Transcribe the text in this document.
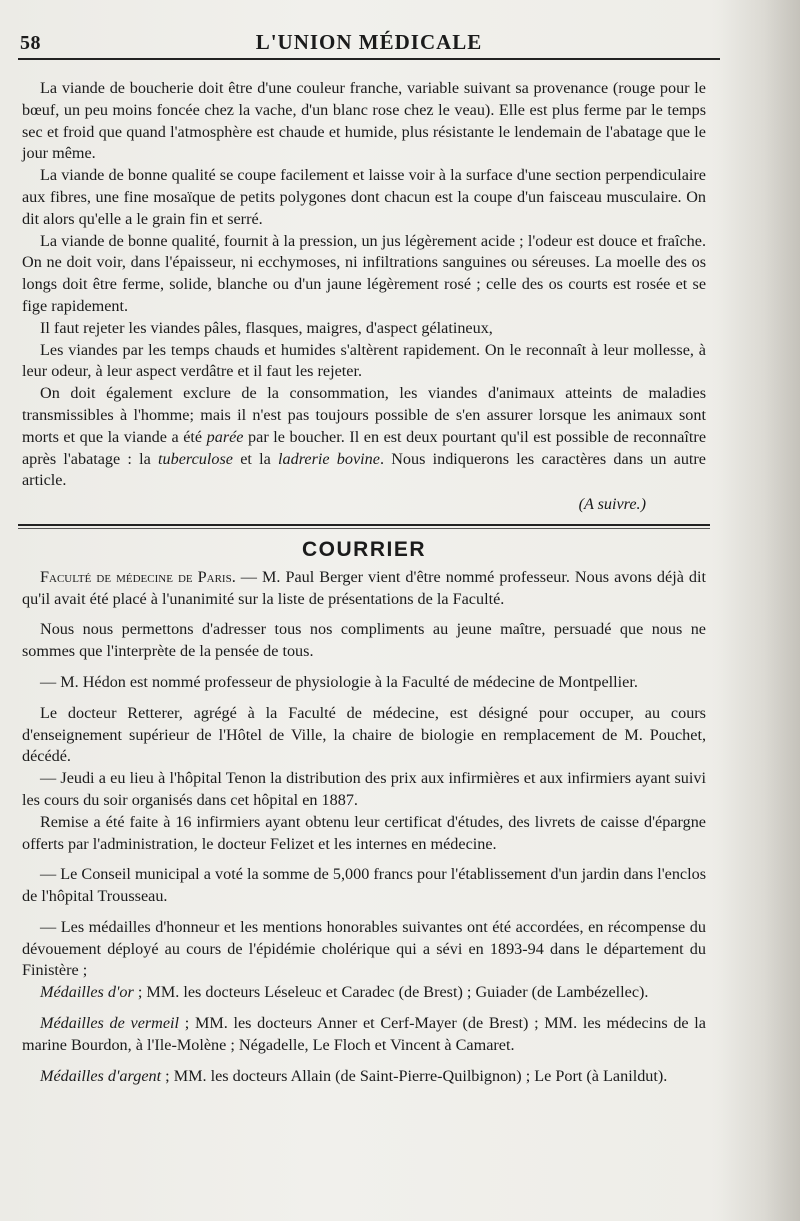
58	L'UNION MÉDICALE

La viande de boucherie doit être d'une couleur franche, variable suivant sa provenance (rouge pour le bœuf, un peu moins foncée chez la vache, d'un blanc rose chez le veau). Elle est plus ferme par le temps sec et froid que quand l'atmosphère est chaude et humide, plus résistante le lendemain de l'abatage que le jour même.

La viande de bonne qualité se coupe facilement et laisse voir à la surface d'une section perpendiculaire aux fibres, une fine mosaïque de petits polygones dont chacun est la coupe d'un faisceau musculaire. On dit alors qu'elle a le grain fin et serré.

La viande de bonne qualité, fournit à la pression, un jus légèrement acide ; l'odeur est douce et fraîche. On ne doit voir, dans l'épaisseur, ni ecchymoses, ni infiltrations sanguines ou séreuses. La moelle des os longs doit être ferme, solide, blanche ou d'un jaune légèrement rosé ; celle des os courts est rosée et se fige rapidement.

Il faut rejeter les viandes pâles, flasques, maigres, d'aspect gélatineux,

Les viandes par les temps chauds et humides s'altèrent rapidement. On le reconnaît à leur mollesse, à leur odeur, à leur aspect verdâtre et il faut les rejeter.

On doit également exclure de la consommation, les viandes d'animaux atteints de maladies transmissibles à l'homme; mais il n'est pas toujours possible de s'en assurer lorsque les animaux sont morts et que la viande a été parée par le boucher. Il en est deux pourtant qu'il est possible de reconnaître après l'abatage : la tuberculose et la ladrerie bovine. Nous indiquerons les caractères dans un autre article.

(A suivre.)
COURRIER

Faculté de médecine de Paris. — M. Paul Berger vient d'être nommé professeur. Nous avons déjà dit qu'il avait été placé à l'unanimité sur la liste de présentations de la Faculté.

Nous nous permettons d'adresser tous nos compliments au jeune maître, persuadé que nous ne sommes que l'interprète de la pensée de tous.

— M. Hédon est nommé professeur de physiologie à la Faculté de médecine de Montpellier.

Le docteur Retterer, agrégé à la Faculté de médecine, est désigné pour occuper, au cours d'enseignement supérieur de l'Hôtel de Ville, la chaire de biologie en remplacement de M. Pouchet, décédé.

— Jeudi a eu lieu à l'hôpital Tenon la distribution des prix aux infirmières et aux infirmiers ayant suivi les cours du soir organisés dans cet hôpital en 1887.

Remise a été faite à 16 infirmiers ayant obtenu leur certificat d'études, des livrets de caisse d'épargne offerts par l'administration, le docteur Felizet et les internes en médecine.

— Le Conseil municipal a voté la somme de 5,000 francs pour l'établissement d'un jardin dans l'enclos de l'hôpital Trousseau.

— Les médailles d'honneur et les mentions honorables suivantes ont été accordées, en récompense du dévouement déployé au cours de l'épidémie cholérique qui a sévi en 1893-94 dans le département du Finistère ;

Médailles d'or ; MM. les docteurs Léseleuc et Caradec (de Brest) ; Guiader (de Lambézellec).

Médailles de vermeil ; MM. les docteurs Anner et Cerf-Mayer (de Brest) ; MM. les médecins de la marine Bourdon, à l'Ile-Molène ; Négadelle, Le Floch et Vincent à Camaret.

Médailles d'argent ; MM. les docteurs Allain (de Saint-Pierre-Quilbignon) ; Le Port (à Lanildut).
